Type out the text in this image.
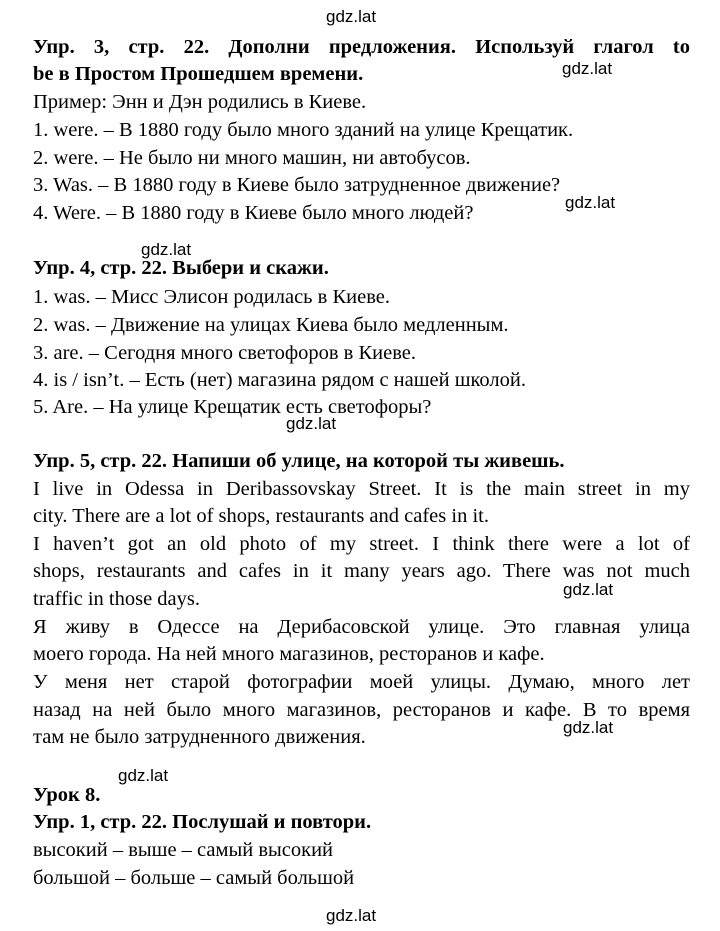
gdz.lat
gdz.lat
gdz.lat
gdz.lat
gdz.lat
gdz.lat
gdz.lat
gdz.lat
gdz.lat
Упр. 3, стр. 22. Дополни предложения. Используй глагол to
be в Простом Прошедшем времени.
Пример: Энн и Дэн родились в Киеве.
1. were. – В 1880 году было много зданий на улице Крещатик.
2. were. – Не было ни много машин, ни автобусов.
3. Was. – В 1880 году в Киеве было затрудненное движение?
4. Were. – В 1880 году в Киеве было много людей?
Упр. 4, стр. 22. Выбери и скажи.
1. was. – Мисс Элисон родилась в Киеве.
2. was. – Движение на улицах Киева было медленным.
3. are. – Сегодня много светофоров в Киеве.
4. is / isn’t. – Есть (нет) магазина рядом с нашей школой.
5. Are. – На улице Крещатик есть светофоры?
Упр. 5, стр. 22. Напиши об улице, на которой ты живешь.
I live in Odessa in Deribassovskay Street. It is the main street in my
city. There are a lot of shops, restaurants and cafes in it.
I haven’t got an old photo of my street. I think there were a lot of
shops, restaurants and cafes in it many years ago. There was not much
traffic in those days.
Я живу в Одессе на Дерибасовской улице. Это главная улица
моего города. На ней много магазинов, ресторанов и кафе.
У меня нет старой фотографии моей улицы. Думаю, много лет
назад на ней было много магазинов, ресторанов и кафе. В то время
там не было затрудненного движения.
Урок 8.
Упр. 1, стр. 22. Послушай и повтори.
высокий – выше – самый высокий
большой – больше – самый большой
